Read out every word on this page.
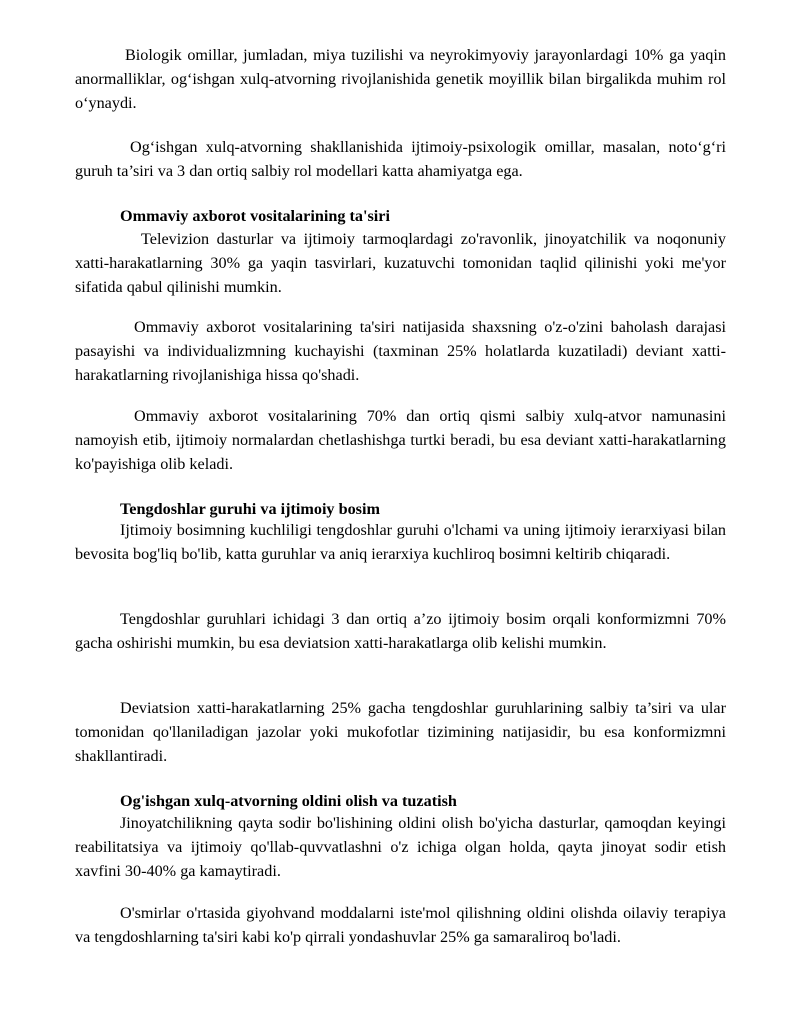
Biologik omillar, jumladan, miya tuzilishi va neyrokimyoviy jarayonlardagi 10% ga yaqin anormalliklar, og‘ishgan xulq-atvorning rivojlanishida genetik moyillik bilan birgalikda muhim rol o‘ynaydi.

Og‘ishgan xulq-atvorning shakllanishida ijtimoiy-psixologik omillar, masalan, noto‘g‘ri guruh ta’siri va 3 dan ortiq salbiy rol modellari katta ahamiyatga ega.

Ommaviy axborot vositalarining ta'siri

Televizion dasturlar va ijtimoiy tarmoqlardagi zo'ravonlik, jinoyatchilik va noqonuniy xatti-harakatlarning 30% ga yaqin tasvirlari, kuzatuvchi tomonidan taqlid qilinishi yoki me'yor sifatida qabul qilinishi mumkin.

Ommaviy axborot vositalarining ta'siri natijasida shaxsning o'z-o'zini baholash darajasi pasayishi va individualizmning kuchayishi (taxminan 25% holatlarda kuzatiladi) deviant xatti-harakatlarning rivojlanishiga hissa qo'shadi.

Ommaviy axborot vositalarining 70% dan ortiq qismi salbiy xulq-atvor namunasini namoyish etib, ijtimoiy normalardan chetlashishga turtki beradi, bu esa deviant xatti-harakatlarning ko'payishiga olib keladi.

Tengdoshlar guruhi va ijtimoiy bosim

Ijtimoiy bosimning kuchliligi tengdoshlar guruhi o'lchami va uning ijtimoiy ierarxiyasi bilan bevosita bog'liq bo'lib, katta guruhlar va aniq ierarxiya kuchliroq bosimni keltirib chiqaradi.

Tengdoshlar guruhlari ichidagi 3 dan ortiq a’zo ijtimoiy bosim orqali konformizmni 70% gacha oshirishi mumkin, bu esa deviatsion xatti-harakatlarga olib kelishi mumkin.

Deviatsion xatti-harakatlarning 25% gacha tengdoshlar guruhlarining salbiy ta’siri va ular tomonidan qo'llaniladigan jazolar yoki mukofotlar tizimining natijasidir, bu esa konformizmni shakllantiradi.

Og'ishgan xulq-atvorning oldini olish va tuzatish

Jinoyatchilikning qayta sodir bo'lishining oldini olish bo'yicha dasturlar, qamoqdan keyingi reabilitatsiya va ijtimoiy qo'llab-quvvatlashni o'z ichiga olgan holda, qayta jinoyat sodir etish xavfini 30-40% ga kamaytiradi.

O'smirlar o'rtasida giyohvand moddalarni iste'mol qilishning oldini olishda oilaviy terapiya va tengdoshlarning ta'siri kabi ko'p qirrali yondashuvlar 25% ga samaraliroq bo'ladi.
